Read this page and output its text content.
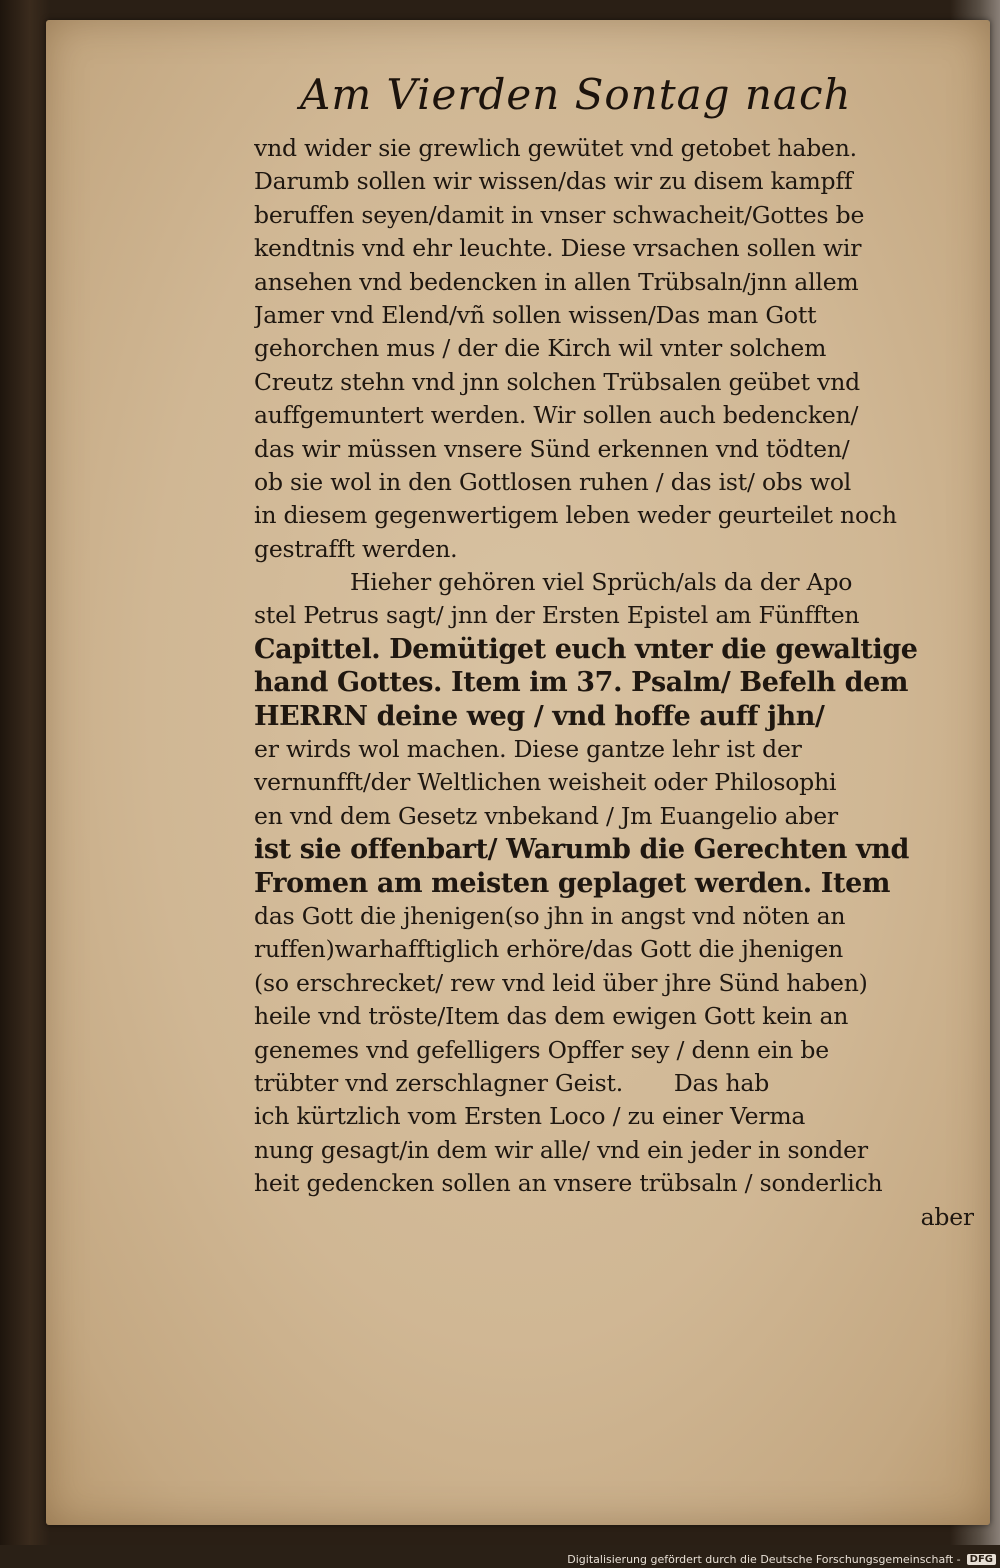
Am Vierden Sontag nach
vnd wider sie grewlich gewütet vnd getobet haben.
Darumb sollen wir wissen/das wir zu disem kampff
beruffen seyen/damit in vnser schwacheit/Gottes be
kendtnis vnd ehr leuchte. Diese vrsachen sollen wir
ansehen vnd bedencken in allen Trübsaln/jnn allem
Jamer vnd Elend/vñ sollen wissen/Das man Gott
gehorchen mus / der die Kirch wil vnter solchem
Creutz stehn vnd jnn solchen Trübsalen geübet vnd
auffgemuntert werden. Wir sollen auch bedencken/
das wir müssen vnsere Sünd erkennen vnd tödten/
ob sie wol in den Gottlosen ruhen / das ist/ obs wol
in diesem gegenwertigem leben weder geurteilet noch
gestrafft werden.
Hieher gehören viel Sprüch/als da der Apo
stel Petrus sagt/ jnn der Ersten Epistel am Fünfften
Capittel. Demütiget euch vnter die gewaltige
hand Gottes. Item im 37. Psalm/ Befelh dem
HERRN deine weg / vnd hoffe auff jhn/
er wirds wol machen. Diese gantze lehr ist der
vernunfft/der Weltlichen weisheit oder Philosophi
en vnd dem Gesetz vnbekand / Jm Euangelio aber
ist sie offenbart/ Warumb die Gerechten vnd
Fromen am meisten geplaget werden. Item
das Gott die jhenigen(so jhn in angst vnd nöten an
ruffen)warhafftiglich erhöre/das Gott die jhenigen
(so erschrecket/ rew vnd leid über jhre Sünd haben)
heile vnd tröste/Item das dem ewigen Gott kein an
genemes vnd gefelligers Opffer sey / denn ein be
trübter vnd zerschlagner Geist.       Das hab
ich kürtzlich vom Ersten Loco / zu einer Verma
nung gesagt/in dem wir alle/ vnd ein jeder in sonder
heit gedencken sollen an vnsere trübsaln / sonderlich
aber
Digitalisierung gefördert durch die Deutsche Forschungsgemeinschaft - DFG
